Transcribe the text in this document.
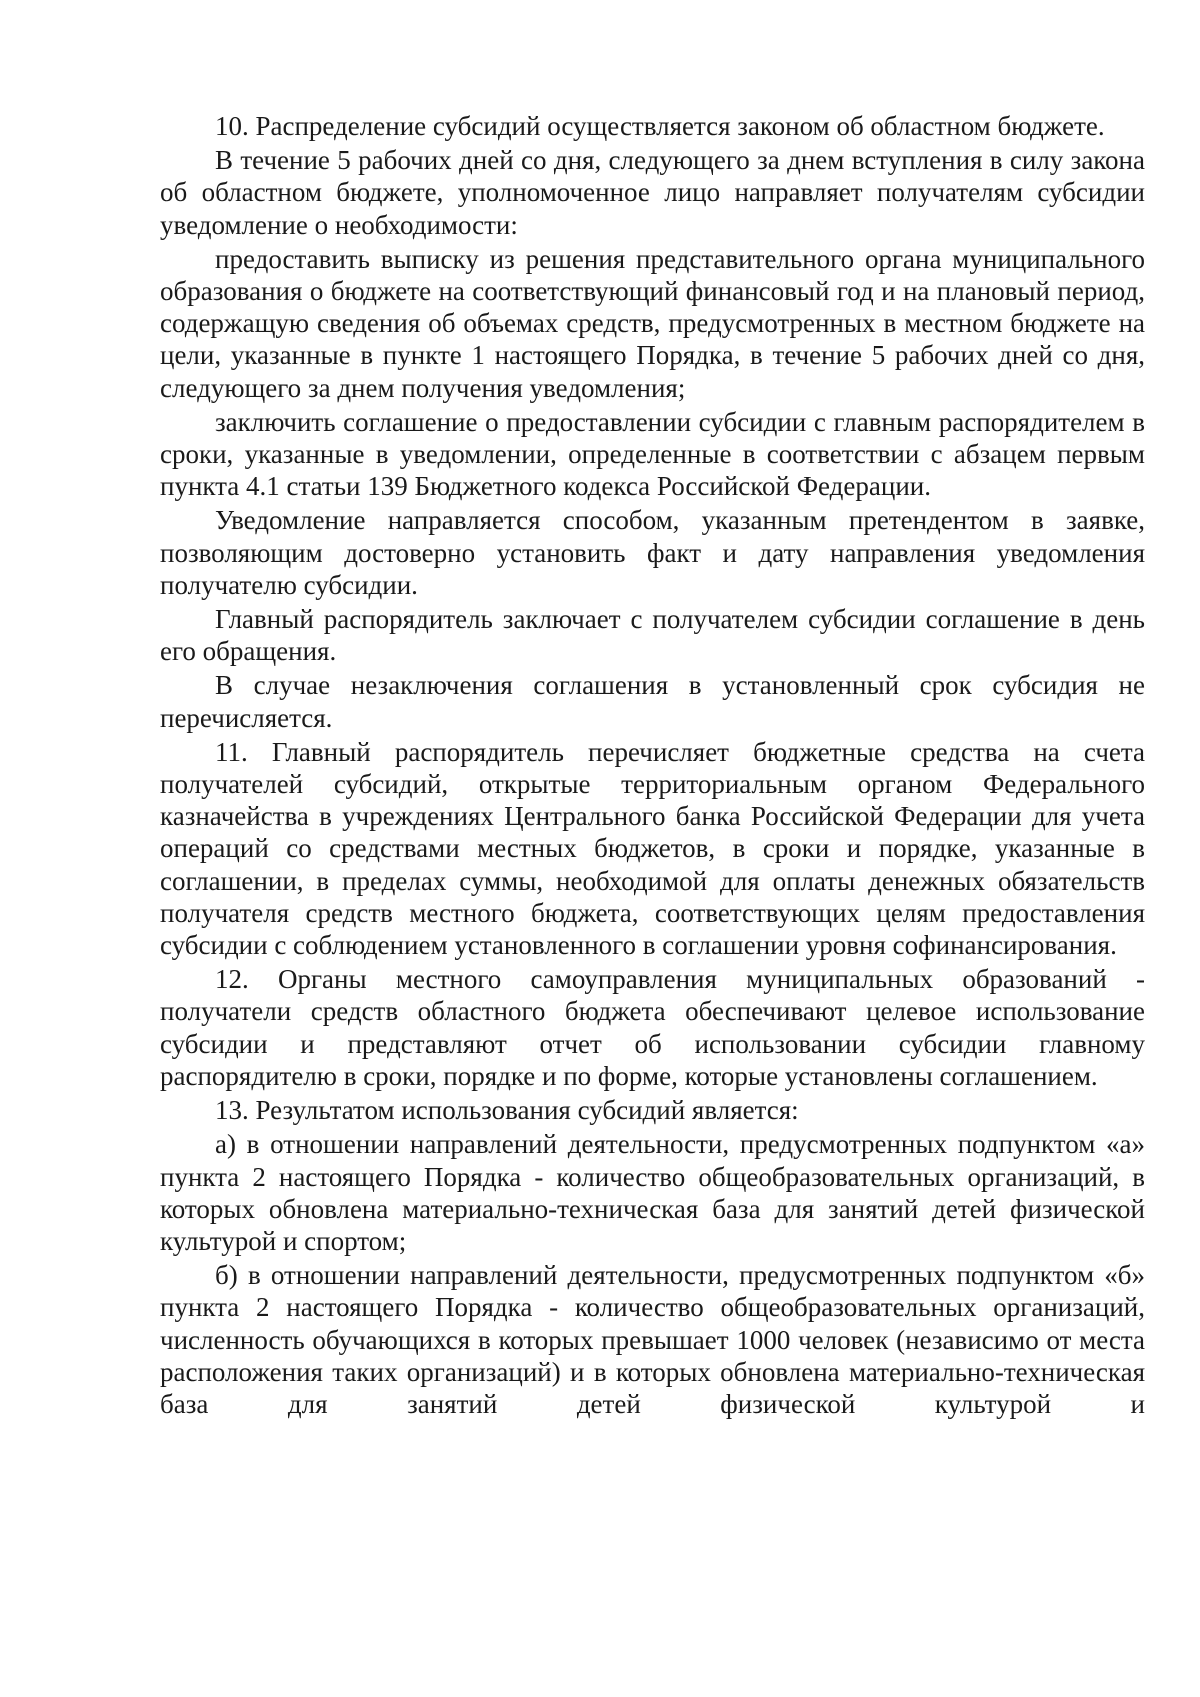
10. Распределение субсидий осуществляется законом об областном бюджете.

В течение 5 рабочих дней со дня, следующего за днем вступления в силу закона об областном бюджете, уполномоченное лицо направляет получателям субсидии уведомление о необходимости:

предоставить выписку из решения представительного органа муниципального образования о бюджете на соответствующий финансовый год и на плановый период, содержащую сведения об объемах средств, предусмотренных в местном бюджете на цели, указанные в пункте 1 настоящего Порядка, в течение 5 рабочих дней со дня, следующего за днем получения уведомления;

заключить соглашение о предоставлении субсидии с главным распорядителем в сроки, указанные в уведомлении, определенные в соответствии с абзацем первым пункта 4.1 статьи 139 Бюджетного кодекса Российской Федерации.

Уведомление направляется способом, указанным претендентом в заявке, позволяющим достоверно установить факт и дату направления уведомления получателю субсидии.

Главный распорядитель заключает с получателем субсидии соглашение в день его обращения.

В случае незаключения соглашения в установленный срок субсидия не перечисляется.

11. Главный распорядитель перечисляет бюджетные средства на счета получателей субсидий, открытые территориальным органом Федерального казначейства в учреждениях Центрального банка Российской Федерации для учета операций со средствами местных бюджетов, в сроки и порядке, указанные в соглашении, в пределах суммы, необходимой для оплаты денежных обязательств получателя средств местного бюджета, соответствующих целям предоставления субсидии с соблюдением установленного в соглашении уровня софинансирования.

12. Органы местного самоуправления муниципальных образований - получатели средств областного бюджета обеспечивают целевое использование субсидии и представляют отчет об использовании субсидии главному распорядителю в сроки, порядке и по форме, которые установлены соглашением.

13. Результатом использования субсидий является:

а) в отношении направлений деятельности, предусмотренных подпунктом «а» пункта 2 настоящего Порядка - количество общеобразовательных организаций, в которых обновлена материально-техническая база для занятий детей физической культурой и спортом;

б) в отношении направлений деятельности, предусмотренных подпунктом «б» пункта 2 настоящего Порядка - количество общеобразовательных организаций, численность обучающихся в которых превышает 1000 человек (независимо от места расположения таких организаций) и в которых обновлена материально-техническая база для занятий детей физической культурой и
